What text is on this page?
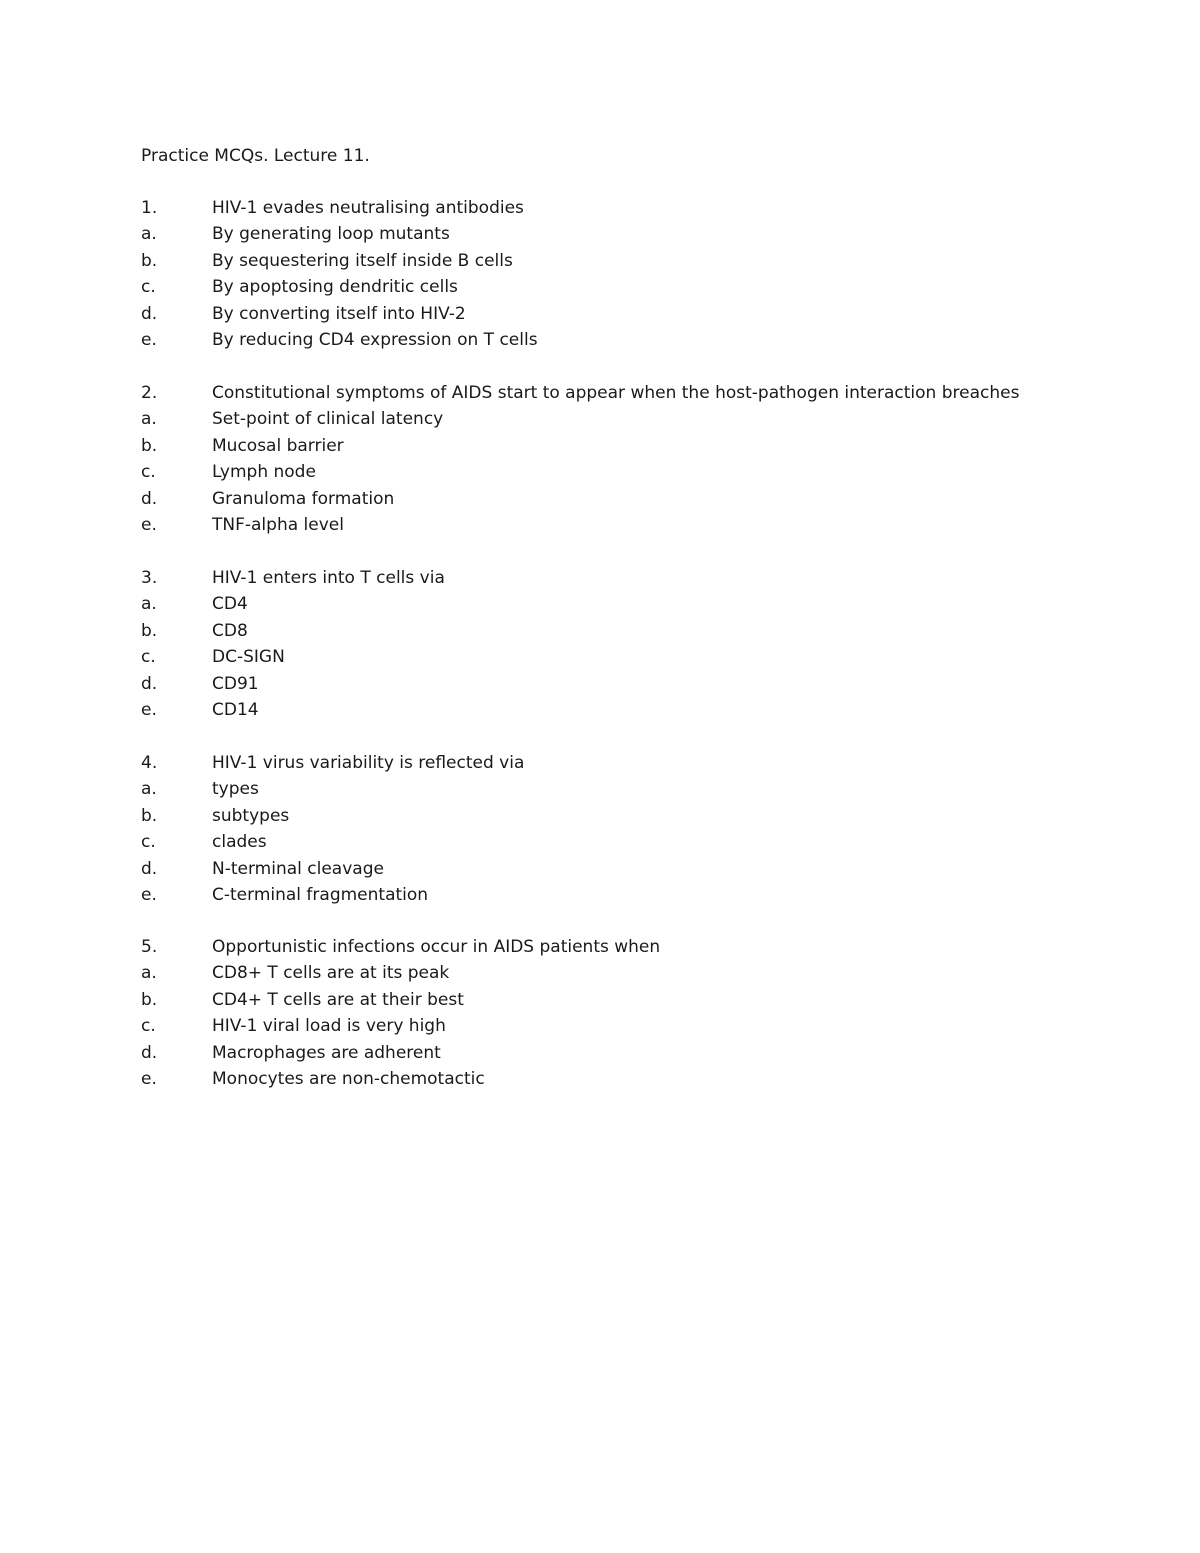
Practice MCQs. Lecture 11.
1.	HIV-1 evades neutralising antibodies
a.	By generating loop mutants
b.	By sequestering itself inside B cells
c.	By apoptosing dendritic cells
d.	By converting itself into HIV-2
e.	By reducing CD4 expression on T cells
2.	Constitutional symptoms of AIDS start to appear when the host-pathogen interaction breaches
a.	Set-point of clinical latency
b.	Mucosal barrier
c.	Lymph node
d.	Granuloma formation
e.	TNF-alpha level
3.	HIV-1 enters into T cells via
a.	CD4
b.	CD8
c.	DC-SIGN
d.	CD91
e.	CD14
4.	HIV-1 virus variability is reflected via
a.	types
b.	subtypes
c.	clades
d.	N-terminal cleavage
e.	C-terminal fragmentation
5.	Opportunistic infections occur in AIDS patients when
a.	CD8+ T cells are at its peak
b.	CD4+ T cells are at their best
c.	HIV-1 viral load is very high
d.	Macrophages are adherent
e.	Monocytes are non-chemotactic
